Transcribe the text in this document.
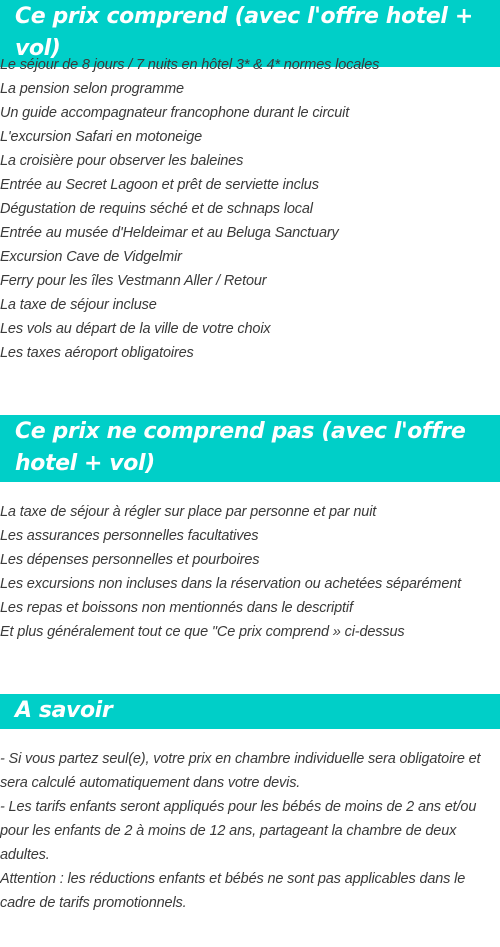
Ce prix comprend (avec l'offre hotel + vol)
Le séjour de 8 jours / 7 nuits en hôtel 3* & 4* normes locales
La pension selon programme
Un guide accompagnateur francophone durant le circuit
L'excursion Safari en motoneige
La croisière pour observer les baleines
Entrée au Secret Lagoon et prêt de serviette inclus
Dégustation de requins séché et de schnaps local
Entrée au musée d'Heldeimar et au Beluga Sanctuary
Excursion Cave de Vidgelmir
Ferry pour les îles Vestmann Aller / Retour
La taxe de séjour incluse
Les vols au départ de la ville de votre choix
Les taxes aéroport obligatoires
Ce prix ne comprend pas (avec l'offre hotel + vol)
La taxe de séjour à régler sur place par personne et par nuit
Les assurances personnelles facultatives
Les dépenses personnelles et pourboires
Les excursions non incluses dans la réservation ou achetées séparément
Les repas et boissons non mentionnés dans le descriptif
Et plus généralement tout ce que "Ce prix comprend » ci-dessus
A savoir

- Si vous partez seul(e), votre prix en chambre individuelle sera obligatoire et sera calculé automatiquement dans votre devis.

- Les tarifs enfants seront appliqués pour les bébés de moins de 2 ans et/ou pour les enfants de 2 à moins de 12 ans, partageant la chambre de deux adultes.

Attention : les réductions enfants et bébés ne sont pas applicables dans le cadre de tarifs promotionnels.
